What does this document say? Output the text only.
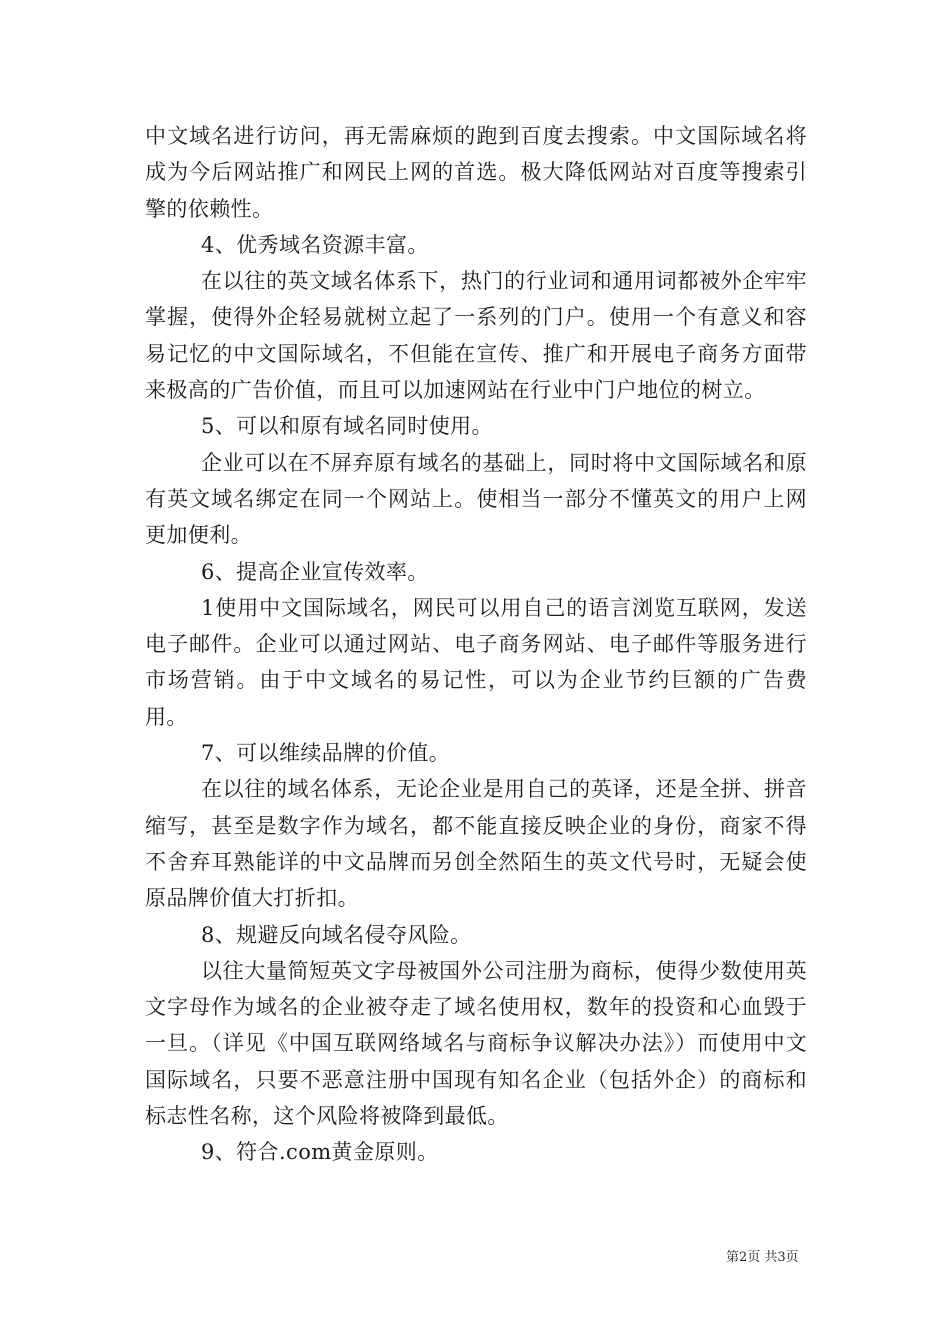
中文域名进行访问，再无需麻烦的跑到百度去搜索。中文国际域名将成为今后网站推广和网民上网的首选。极大降低网站对百度等搜索引擎的依赖性。

4、优秀域名资源丰富。

在以往的英文域名体系下，热门的行业词和通用词都被外企牢牢掌握，使得外企轻易就树立起了一系列的门户。使用一个有意义和容易记忆的中文国际域名，不但能在宣传、推广和开展电子商务方面带来极高的广告价值，而且可以加速网站在行业中门户地位的树立。

5、可以和原有域名同时使用。

企业可以在不屏弃原有域名的基础上，同时将中文国际域名和原有英文域名绑定在同一个网站上。使相当一部分不懂英文的用户上网更加便利。

6、提高企业宣传效率。

1使用中文国际域名，网民可以用自己的语言浏览互联网，发送电子邮件。企业可以通过网站、电子商务网站、电子邮件等服务进行市场营销。由于中文域名的易记性，可以为企业节约巨额的广告费用。

7、可以维续品牌的价值。

在以往的域名体系，无论企业是用自己的英译，还是全拼、拼音缩写，甚至是数字作为域名，都不能直接反映企业的身份，商家不得不舍弃耳熟能详的中文品牌而另创全然陌生的英文代号时，无疑会使原品牌价值大打折扣。

8、规避反向域名侵夺风险。

以往大量简短英文字母被国外公司注册为商标，使得少数使用英文字母作为域名的企业被夺走了域名使用权，数年的投资和心血毁于一旦。（详见《中国互联网络域名与商标争议解决办法》）而使用中文国际域名，只要不恶意注册中国现有知名企业（包括外企）的商标和标志性名称，这个风险将被降到最低。

9、符合.com黄金原则。

第2页 共3页
